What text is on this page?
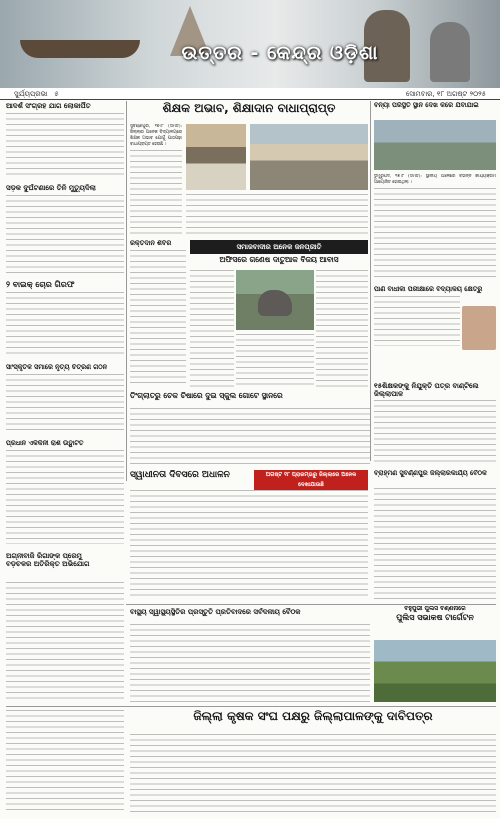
ଉତ୍ତର - କେନ୍ଦ୍ର ଓଡ଼ିଶା
ସୁର୍ଯ୍ୟପ୍ରଭା ୫	ସୋମବାର, ୧୮ ଅଗଷ୍ଟ ୨୦୨୫
ଆଦର୍ଶ ସଂଗ୍ରହ ଯାଗ ଲୋକାର୍ପିତ
ସଡ଼କ ଦୁର୍ଘଟଣାରେ ତିନି ମୁତ୍ୟୁଦିଲା
୨ ବାଇକ୍ ଚୋର ଗିରଫ
ସାଂସ୍କୃତିକ ସମାରେ ନୃତ୍ୟ ଚିତ୍ରଣ ଗଠନ
ପ୍ରଧାନ ଏକିକିନୀ ରାଶ ଉଦ୍ଘାଟିତ
ଶିକ୍ଷକ ଅଭାବ, ଶିକ୍ଷାଦାନ ବାଧାପ୍ରାପ୍ତ
ସୁବର୍ଣ୍ଣପୁର, ୧୭।୮ (ସମିତି): ଜିଲ୍ଲାର ଅନେକ ବିଦ୍ୟାଳୟରେ ଶିକ୍ଷକ ଅଭାବ ଯୋଗୁଁ ପାଠପଢ଼ା ବାଧାପ୍ରାପ୍ତ ହେଉଛି ।
ରକ୍ତଦାନ ଶିବିର	ସମାଜବାଦୀର ଅନେକ ଜନପ୍ରୀତି
ଅଫିସରେ ଗଣେଷ ଦାତୁଆକ ବିଜୟ ଆବାସ
ବନ୍ୟା ପରିସ୍ଥିତି ସ୍ଥାନ ଦେଖି କରେ ଯିବାଯାଇ
ଡୁମୁରୁପଦ, ୧୭।୮ (ସମିତି): ସ୍ଥାନୀୟ ଅଞ୍ଚଳରେ ବିଭିନ୍ନ କାର୍ଯ୍ୟକ୍ରମ ଆୟୋଜିତ ହୋଇଥିଲା ।
ପାଣି ବାଧୀକା ପରୀକ୍ଷାରେ ବିଦ୍ୟାଳୟ କ୍ଷେତ୍ରୁ
ତିଂଗ୍ଲାତରୁ ଚେକ ଚିଷାରେ ଦୁଇ ସ୍କୁଲ ଗୋଟେ ସ୍ଥାନରେ
୧୫ଶିକ୍ଷକଙ୍କୁ ନିଯୁକ୍ତି ପତ୍ର ବାଣ୍ଟିଲେ ଜିଲ୍ଲାପାଳ
ସ୍ୱାଧୀନତା ଦିବସରେ ଅଧାଳନ	ଅଗଷ୍ଟ ୧୮ ପ୍ରାରମ୍ଭରୁ ଜିଲ୍ଲାରେ ଅନେକ ଦେଖାଯାଉଛି
ବ୍ରାହ୍ମଣ ସୁବର୍ଣ୍ଣପୁର ଜିଲ୍ଲାରକାର୍ଯ୍ୟ ବୈଠକ
ଅଗ୍ନୀବାଜି ରିଗାଙ୍କ ପ୍ରେମୁ
ବଡ଼ଚଳର ଅତିରିକ୍ତ ଅଭିଯୋଗ
ବାସ୍ଥ୍ୟ ସ୍ୱାସ୍ଥ୍ୟସ୍ଥିତିର ପ୍ରସ୍ତୁତି ପ୍ରତିବାଦରେ ସର୍ବଦଳୀୟ ବୈଠକ	ବହୁପୁର୍ଭୀ ପୁଲିସ ବର୍ଣ୍ଣନାରେ
ପୁଲିସ ସଭାକଷ ଟାର୍ଗେଟନ
ଜିଲ୍ଲା କୃଷକ ସଂଘ ପକ୍ଷରୁ ଜିଲ୍ଲାପାଳଙ୍କୁ ଦାବିପତ୍ର
